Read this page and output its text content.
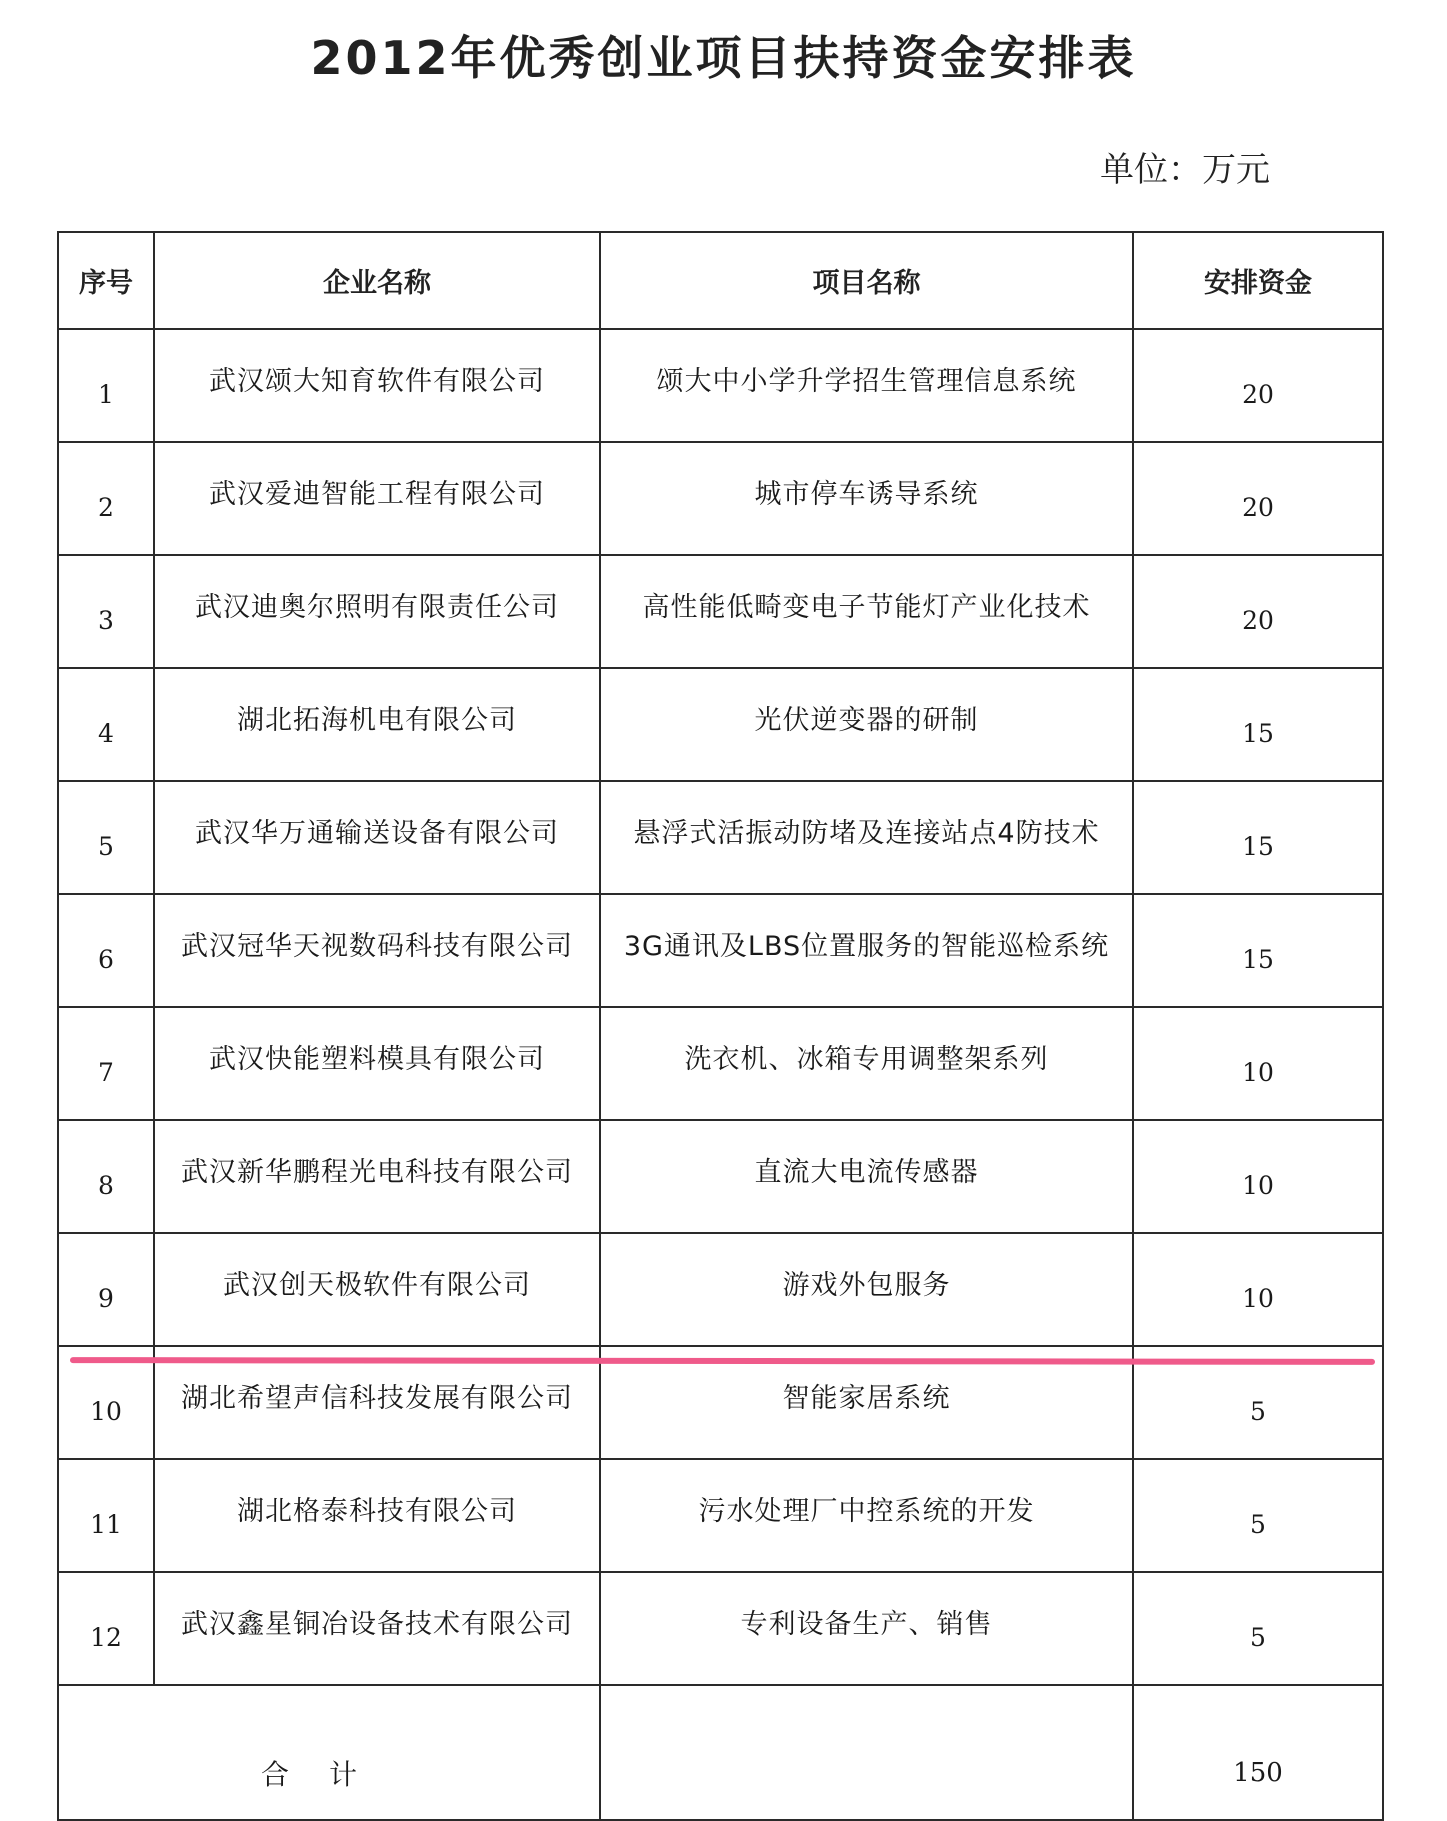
2012年优秀创业项目扶持资金安排表
单位：万元
序号	企业名称	项目名称	安排资金
1	武汉颂大知育软件有限公司	颂大中小学升学招生管理信息系统	20
2	武汉爱迪智能工程有限公司	城市停车诱导系统	20
3	武汉迪奥尔照明有限责任公司	高性能低畸变电子节能灯产业化技术	20
4	湖北拓海机电有限公司	光伏逆变器的研制	15
5	武汉华万通输送设备有限公司	悬浮式活振动防堵及连接站点4防技术	15
6	武汉冠华天视数码科技有限公司	3G通讯及LBS位置服务的智能巡检系统	15
7	武汉快能塑料模具有限公司	洗衣机、冰箱专用调整架系列	10
8	武汉新华鹏程光电科技有限公司	直流大电流传感器	10
9	武汉创天极软件有限公司	游戏外包服务	10
10	湖北希望声信科技发展有限公司	智能家居系统	5
11	湖北格泰科技有限公司	污水处理厂中控系统的开发	5
12	武汉鑫星铜冶设备技术有限公司	专利设备生产、销售	5
合计			150
